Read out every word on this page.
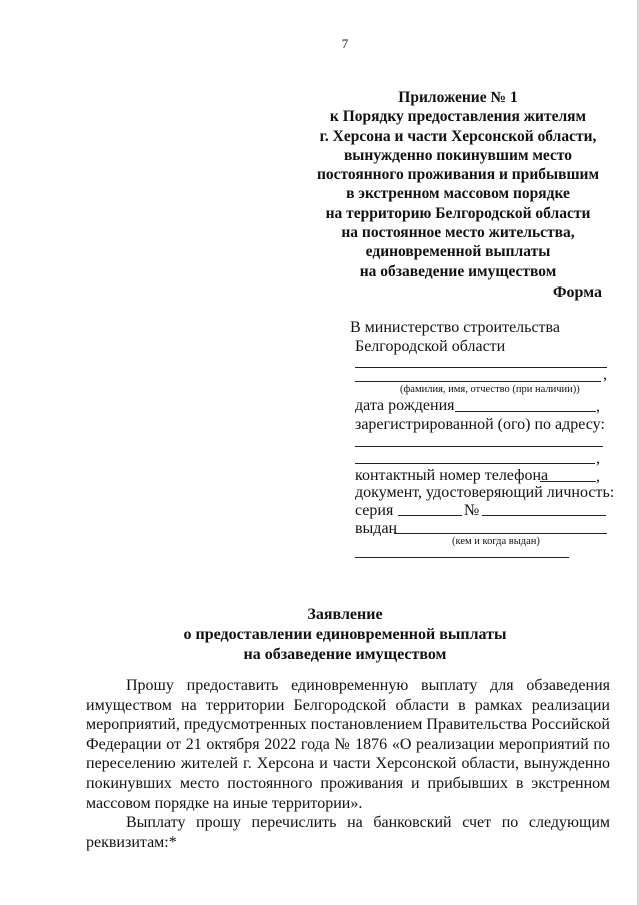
7
Приложение № 1
к Порядку предоставления жителям
г. Херсона и части Херсонской области,
вынужденно покинувшим место
постоянного проживания и прибывшим
в экстренном массовом порядке
на территорию Белгородской области
на постоянное место жительства,
единовременной выплаты
на обзаведение имуществом
Форма
В министерство строительства
Белгородской области
,
(фамилия, имя, отчество (при наличии))
дата рождения	,
зарегистрированной (ого) по адресу:
,
контактный номер телефона	,
документ, удостоверяющий личность:
серия	№
выдан
(кем и когда выдан)
Заявление
о предоставлении единовременной выплаты
на обзаведение имуществом

Прошу предоставить единовременную выплату для обзаведения имуществом на территории Белгородской области в рамках реализации мероприятий, предусмотренных постановлением Правительства Российской Федерации от 21 октября 2022 года № 1876 «О реализации мероприятий по переселению жителей г. Херсона и части Херсонской области, вынужденно покинувших место постоянного проживания и прибывших в экстренном массовом порядке на иные территории».

Выплату прошу перечислить на банковский счет по следующим реквизитам:*
